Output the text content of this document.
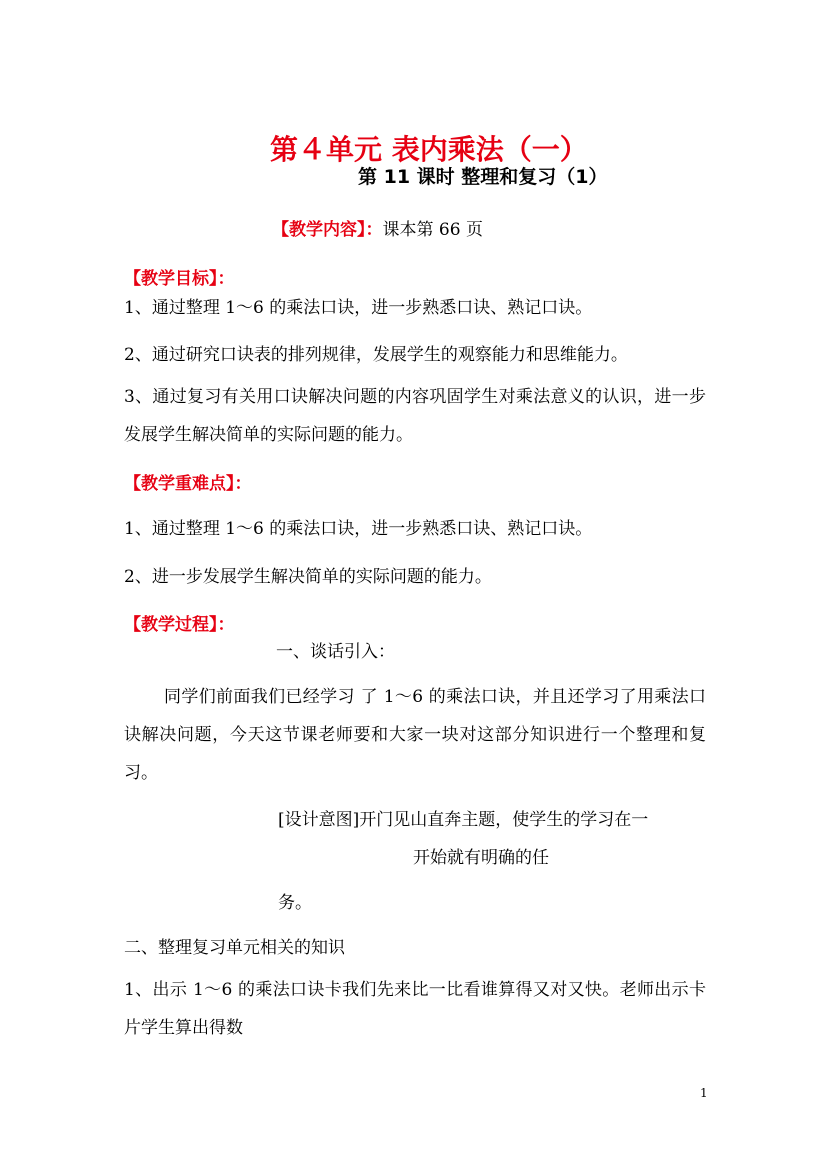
第４单元 表内乘法（一）
第 11 课时 整理和复习（1）
【教学内容】：课本第 66 页
【教学目标】：
1、通过整理 1～6 的乘法口诀，进一步熟悉口诀、熟记口诀。
2、通过研究口诀表的排列规律，发展学生的观察能力和思维能力。
3、通过复习有关用口诀解决问题的内容巩固学生对乘法意义的认识，进一步发展学生解决简单的实际问题的能力。
【教学重难点】：
1、通过整理 1～6 的乘法口诀，进一步熟悉口诀、熟记口诀。
2、进一步发展学生解决简单的实际问题的能力。
【教学过程】：
一、谈话引入：
同学们前面我们已经学习 了 1～6 的乘法口诀，并且还学习了用乘法口诀解决问题，今天这节课老师要和大家一块对这部分知识进行一个整理和复习。
[设计意图]开门见山直奔主题，使学生的学习在一
开始就有明确的任
务。
二、整理复习单元相关的知识
1、出示 1～6 的乘法口诀卡我们先来比一比看谁算得又对又快。老师出示卡片学生算出得数
1
